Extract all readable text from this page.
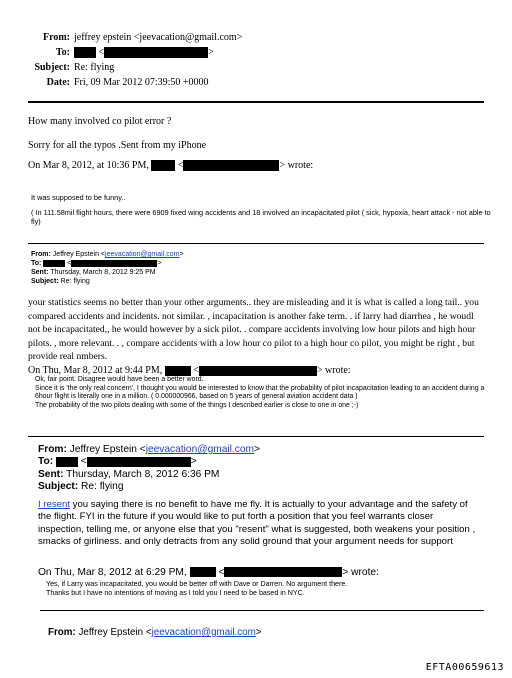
From: jeffrey epstein <jeevacation@gmail.com>
To:	<	>
Subject: Re: flying
Date: Fri, 09 Mar 2012 07:39:50 +0000
How many involved co pilot error ?
Sorry for all the typos .Sent from my iPhone
On Mar 8, 2012, at 10:36 PM,	<	> wrote:

It was supposed to be funny..

( In 111.58mil flight hours, there were 6909 fixed wing accidents and 18 involved an incapacitated pilot ( sick, hypoxia, heart attack - not able to fly)

From: Jeffrey Epstein <jeevacation@gmail.com>
To:	<	>
Sent: Thursday, March 8, 2012 9:25 PM
Subject: Re: flying
your statistics seems no better than your other arguments.. they are misleading and it is what is called a long tail.. you compared accidents and incidents. not similar. , incapacitation is another fake term. . if larry had diarrhea , he woudl not be incapacitated,, he would however by a sick pilot. . compare accidents involving low hour pilots and high hour pilots. , more relevant. . , compare accidents with a low hour co pilot to a high hour co pilot, you might be right , but provide real nmbers.
On Thu, Mar 8, 2012 at 9:44 PM,	<	> wrote:

Ok, fair point. Disagree would have been a better word.

Since it is 'the only real concern', I thought you would be interested to know that the probability of pilot incapacitation leading to an accident during a 6hour flight is literally one in a million. ( 0.000000966, based on 5 years of general aviation accident data )

The probability of the two pilots dealing with some of the things I described earlier is close to one in one ;-)

From: Jeffrey Epstein <jeevacation@gmail.com>
To:	<	>
Sent: Thursday, March 8, 2012 6:36 PM
Subject: Re: flying
I resent you saying there is no benefit to have me fly. It is actually to your advantage and the safety of the flight. FYI in the future if you would like to put forth a position that you feel warrants closer inspection, telling me, or anyone else that you "resent" what is suggested, both weakens your position , smacks of girliness. and only detracts from any solid ground that your argument needs for support
On Thu, Mar 8, 2012 at 6:29 PM,	<	> wrote:

Yes, if Larry was incapacitated, you would be better off with Dave or Darren. No argument there.

Thanks but I have no intentions of moving as I told you I need to be based in NYC.

From: Jeffrey Epstein <jeevacation@gmail.com>
EFTA00659613
